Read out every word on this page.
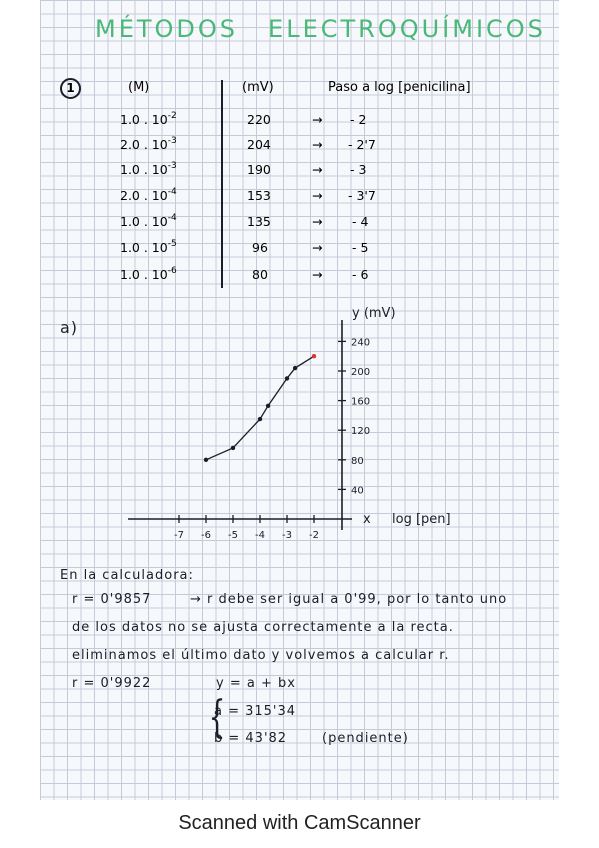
MÉTODOS ELECTROQUÍMICOS
1	(M)	(mV)	Paso a log [penicilina]
1.0 . $10^{-2}$	220	→ - 2
2.0 . $10^{-3}$	204	→ - 2'7
1.0 . $10^{-3}$	190	→ - 3
2.0 . $10^{-4}$	153	→ - 3'7
1.0 . $10^{-4}$	135	→ - 4
1.0 . $10^{-5}$	96	→ - 5
1.0 . $10^{-6}$	80	→ - 6
a)
-7 -6 -5 -4 -3 -2
240
200
160
120
80
40
y (mV)
x log [pen]
En la calculadora:
r = 0'9857	→ r debe ser igual a 0'99, por lo tanto uno
de los datos no se ajusta correctamente a la recta.
eliminamos el último dato y volvemos a calcular r.
r = 0'9922	y = a + bx
{
a = 315'34
b = 43'82	(pendiente)
Scanned with CamScanner
